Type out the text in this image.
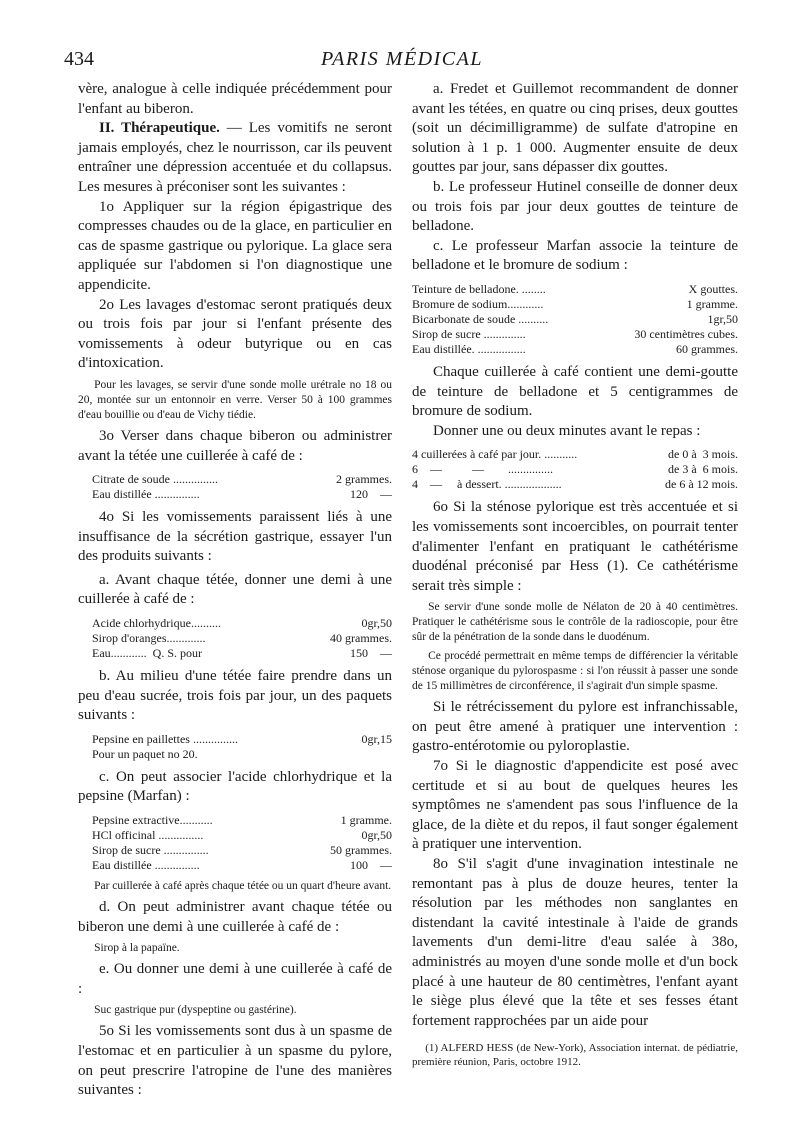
434	PARIS MÉDICAL

vère, analogue à celle indiquée précédemment pour l'enfant au biberon.

II. Thérapeutique. — Les vomitifs ne seront jamais employés, chez le nourrisson, car ils peuvent entraîner une dépression accentuée et du collapsus. Les mesures à préconiser sont les suivantes :

1o Appliquer sur la région épigastrique des compresses chaudes ou de la glace, en particulier en cas de spasme gastrique ou pylorique. La glace sera appliquée sur l'abdomen si l'on diagnostique une appendicite.

2o Les lavages d'estomac seront pratiqués deux ou trois fois par jour si l'enfant présente des vomissements à odeur butyrique ou en cas d'intoxication.

Pour les lavages, se servir d'une sonde molle urétrale no 18 ou 20, montée sur un entonnoir en verre. Verser 50 à 100 grammes d'eau bouillie ou d'eau de Vichy tiédie.

3o Verser dans chaque biberon ou administrer avant la tétée une cuillerée à café de :

Citrate de soude ...............	2 grammes.
Eau distillée ...............	120    —

4o Si les vomissements paraissent liés à une insuffisance de la sécrétion gastrique, essayer l'un des produits suivants :

a. Avant chaque tétée, donner une demi à une cuillerée à café de :

Acide chlorhydrique..........	0gr,50
Sirop d'oranges.............	40 grammes.
Eau............  Q. S. pour	150    —

b. Au milieu d'une tétée faire prendre dans un peu d'eau sucrée, trois fois par jour, un des paquets suivants :

Pepsine en paillettes ...............	0gr,15
Pour un paquet no 20.

c. On peut associer l'acide chlorhydrique et la pepsine (Marfan) :

Pepsine extractive...........	1 gramme.
HCl officinal ...............	0gr,50
Sirop de sucre ...............	50 grammes.
Eau distillée ...............	100    —

Par cuillerée à café après chaque tétée ou un quart d'heure avant.

d. On peut administrer avant chaque tétée ou biberon une demi à une cuillerée à café de :

Sirop à la papaïne.

e. Ou donner une demi à une cuillerée à café de :

Suc gastrique pur (dyspeptine ou gastérine).

5o Si les vomissements sont dus à un spasme de l'estomac et en particulier à un spasme du pylore, on peut prescrire l'atropine de l'une des manières suivantes :

a. Fredet et Guillemot recommandent de donner avant les tétées, en quatre ou cinq prises, deux gouttes (soit un décimilligramme) de sulfate d'atropine en solution à 1 p. 1 000. Augmenter ensuite de deux gouttes par jour, sans dépasser dix gouttes.

b. Le professeur Hutinel conseille de donner deux ou trois fois par jour deux gouttes de teinture de belladone.

c. Le professeur Marfan associe la teinture de belladone et le bromure de sodium :

Teinture de belladone. ........	X gouttes.
Bromure de sodium............	1 gramme.
Bicarbonate de soude ..........	1gr,50
Sirop de sucre ..............	30 centimètres cubes.
Eau distillée. ................	60 grammes.

Chaque cuillerée à café contient une demi-goutte de teinture de belladone et 5 centigrammes de bromure de sodium.

Donner une ou deux minutes avant le repas :

4 cuillerées à café par jour. ...........	de 0 à  3 mois.
6    —          —        ...............	de 3 à  6 mois.
4    —     à dessert. ...................	de 6 à 12 mois.

6o Si la sténose pylorique est très accentuée et si les vomissements sont incoercibles, on pourrait tenter d'alimenter l'enfant en pratiquant le cathétérisme duodénal préconisé par Hess (1). Ce cathétérisme serait très simple :

Se servir d'une sonde molle de Nélaton de 20 à 40 centimètres. Pratiquer le cathétérisme sous le contrôle de la radioscopie, pour être sûr de la pénétration de la sonde dans le duodénum.

Ce procédé permettrait en même temps de différencier la véritable sténose organique du pylorospasme : si l'on réussit à passer une sonde de 15 millimètres de circonférence, il s'agirait d'un simple spasme.

Si le rétrécissement du pylore est infranchissable, on peut être amené à pratiquer une intervention : gastro-entérotomie ou pyloroplastie.

7o Si le diagnostic d'appendicite est posé avec certitude et si au bout de quelques heures les symptômes ne s'amendent pas sous l'influence de la glace, de la diète et du repos, il faut songer également à pratiquer une intervention.

8o S'il s'agit d'une invagination intestinale ne remontant pas à plus de douze heures, tenter la résolution par les méthodes non sanglantes en distendant la cavité intestinale à l'aide de grands lavements d'un demi-litre d'eau salée à 38o, administrés au moyen d'une sonde molle et d'un bock placé à une hauteur de 80 centimètres, l'enfant ayant le siège plus élevé que la tête et ses fesses étant fortement rapprochées par un aide pour

(1) ALFERD HESS (de New-York), Association internat. de pédiatrie, première réunion, Paris, octobre 1912.
